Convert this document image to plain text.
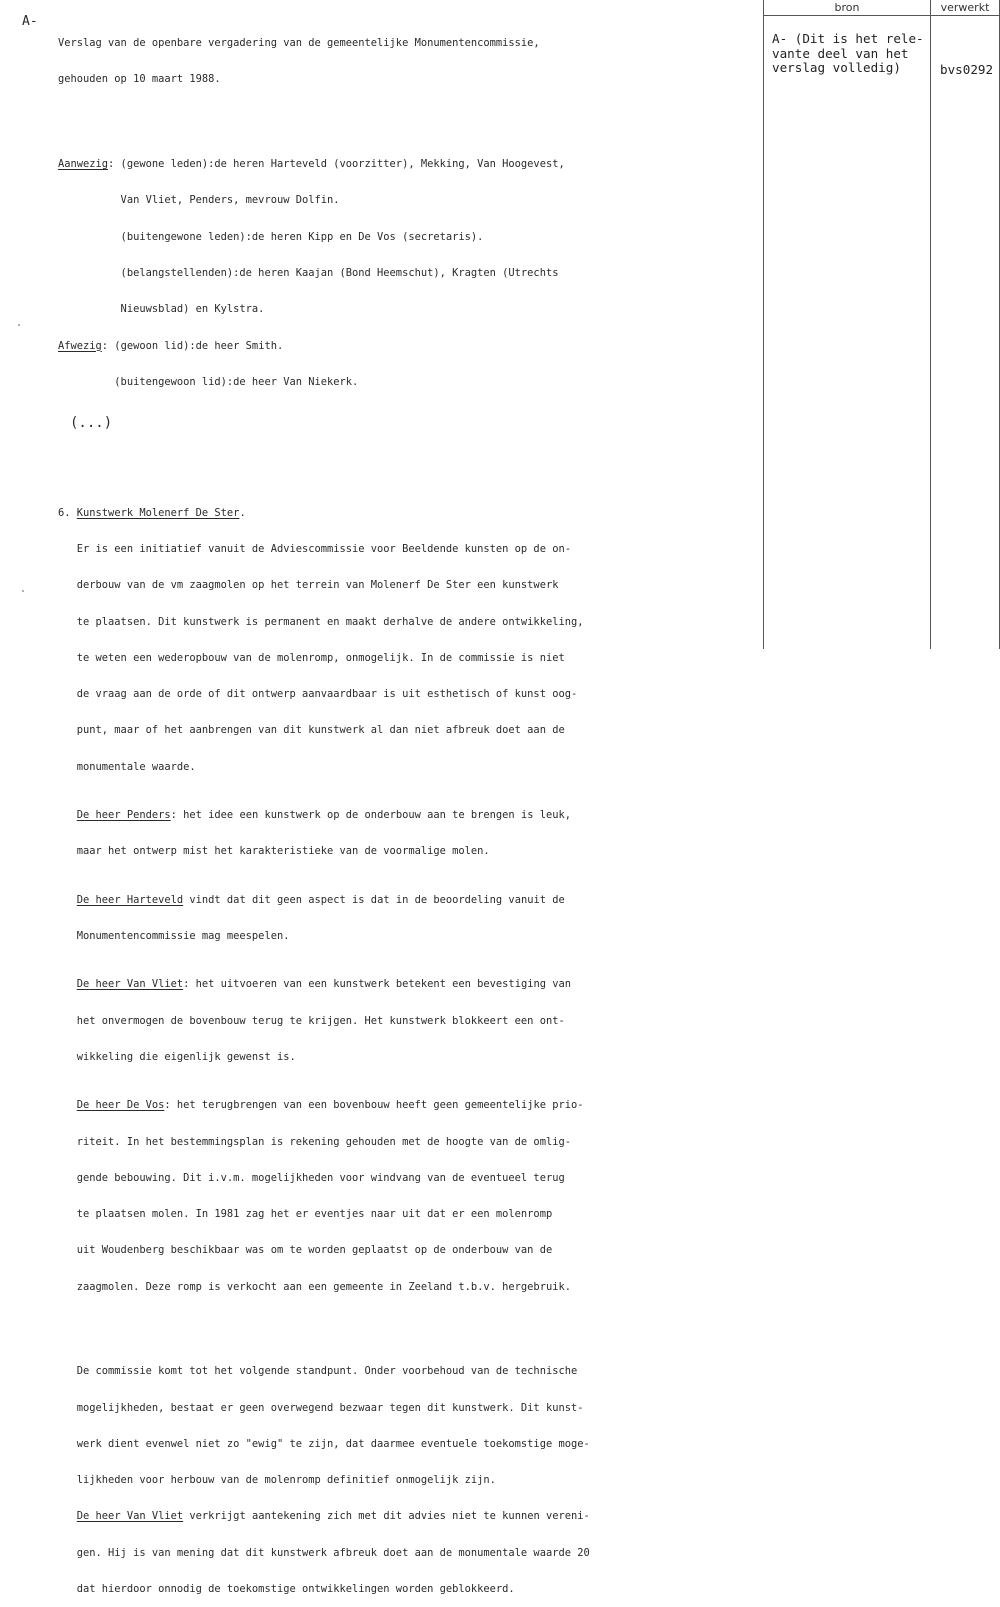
A-

Verslag van de openbare vergadering van de gemeentelijke Monumentencommissie,

gehouden op 10 maart 1988.

Aanwezig: (gewone leden):de heren Harteveld (voorzitter), Mekking, Van Hoogevest,

Van Vliet, Penders, mevrouw Dolfin.

(buitengewone leden):de heren Kipp en De Vos (secretaris).

(belangstellenden):de heren Kaajan (Bond Heemschut), Kragten (Utrechts

Nieuwsblad) en Kylstra.

Afwezig: (gewoon lid):de heer Smith.

(buitengewoon lid):de heer Van Niekerk.

(...)

6. Kunstwerk Molenerf De Ster.

Er is een initiatief vanuit de Adviescommissie voor Beeldende kunsten op de on-

derbouw van de vm zaagmolen op het terrein van Molenerf De Ster een kunstwerk

te plaatsen. Dit kunstwerk is permanent en maakt derhalve de andere ontwikkeling,

te weten een wederopbouw van de molenromp, onmogelijk. In de commissie is niet

de vraag aan de orde of dit ontwerp aanvaardbaar is uit esthetisch of kunst oog-

punt, maar of het aanbrengen van dit kunstwerk al dan niet afbreuk doet aan de

monumentale waarde.

De heer Penders: het idee een kunstwerk op de onderbouw aan te brengen is leuk,

maar het ontwerp mist het karakteristieke van de voormalige molen.

De heer Harteveld vindt dat dit geen aspect is dat in de beoordeling vanuit de

Monumentencommissie mag meespelen.

De heer Van Vliet: het uitvoeren van een kunstwerk betekent een bevestiging van

het onvermogen de bovenbouw terug te krijgen. Het kunstwerk blokkeert een ont-

wikkeling die eigenlijk gewenst is.

De heer De Vos: het terugbrengen van een bovenbouw heeft geen gemeentelijke prio-

riteit. In het bestemmingsplan is rekening gehouden met de hoogte van de omlig-

gende bebouwing. Dit i.v.m. mogelijkheden voor windvang van de eventueel terug

te plaatsen molen. In 1981 zag het er eventjes naar uit dat er een molenromp

uit Woudenberg beschikbaar was om te worden geplaatst op de onderbouw van de

zaagmolen. Deze romp is verkocht aan een gemeente in Zeeland t.b.v. hergebruik.

De commissie komt tot het volgende standpunt. Onder voorbehoud van de technische

mogelijkheden, bestaat er geen overwegend bezwaar tegen dit kunstwerk. Dit kunst-

werk dient evenwel niet zo "ewig" te zijn, dat daarmee eventuele toekomstige moge-

lijkheden voor herbouw van de molenromp definitief onmogelijk zijn.

De heer Van Vliet verkrijgt aantekening zich met dit advies niet te kunnen vereni-

gen. Hij is van mening dat dit kunstwerk afbreuk doet aan de monumentale waarde 20

dat hierdoor onnodig de toekomstige ontwikkelingen worden geblokkeerd.

bron	verwerkt
A- (Dit is het rele-
vante deel van het
verslag volledig)	bvs0292
